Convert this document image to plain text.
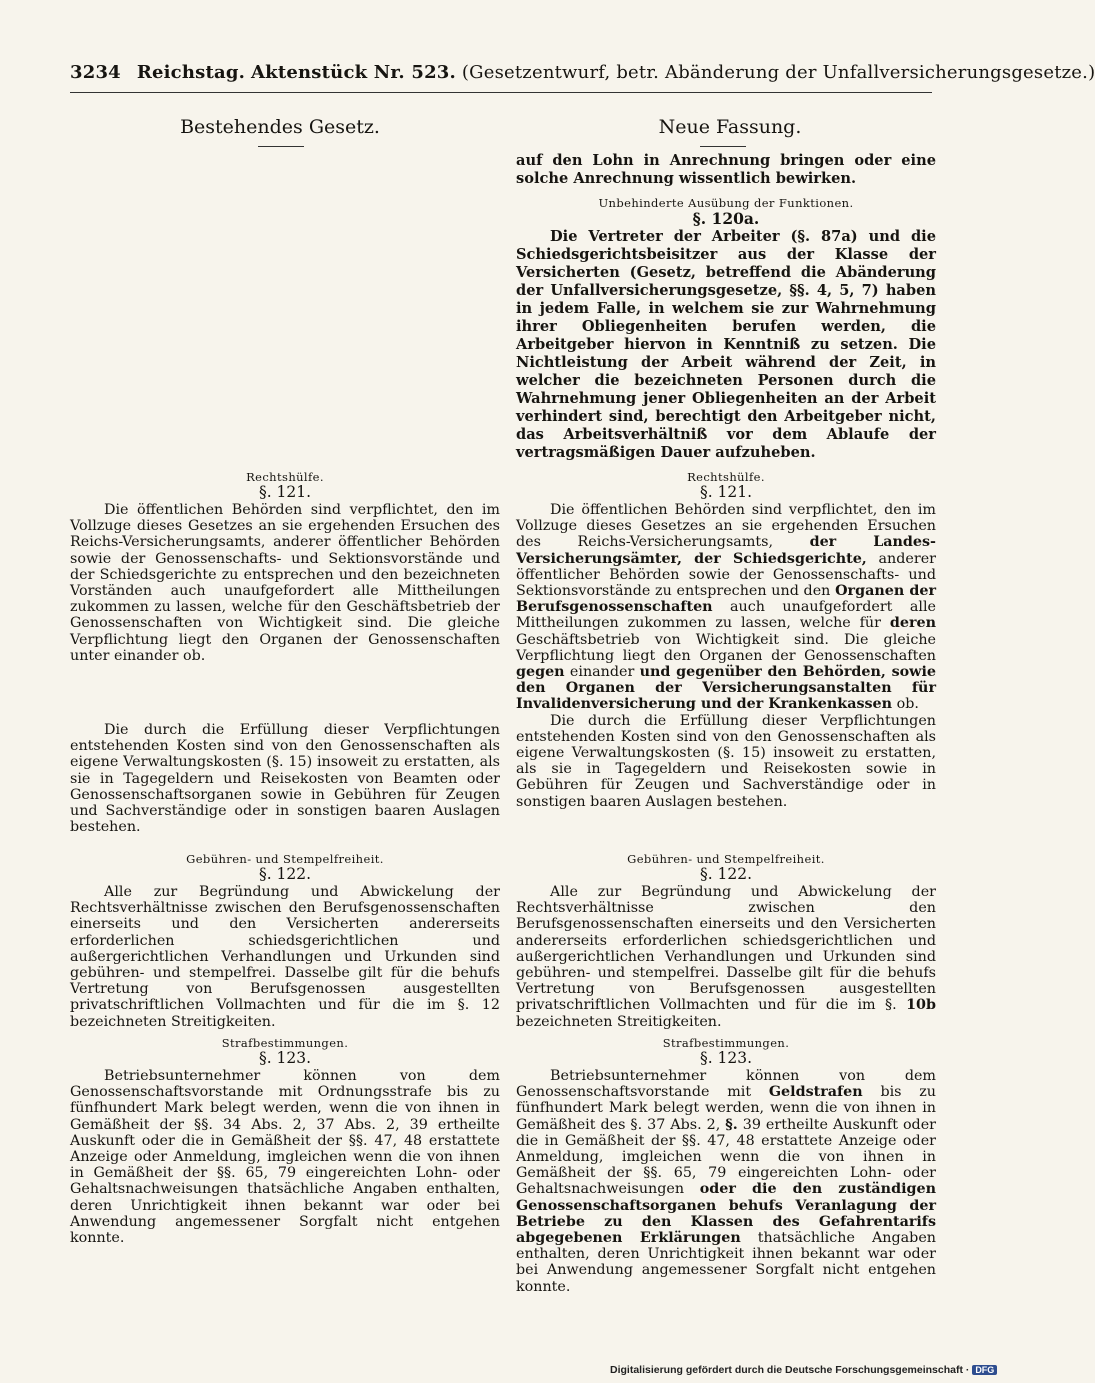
3234 Reichstag. Aktenstück Nr. 523. (Gesetzentwurf, betr. Abänderung der Unfallversicherungsgesetze.)
Bestehendes Gesetz.	Neue Fassung.

auf den Lohn in Anrechnung bringen oder eine solche Anrechnung wissentlich bewirken.

Unbehinderte Ausübung der Funktionen.
§. 120a.

Die Vertreter der Arbeiter (§. 87a) und die Schiedsgerichtsbeisitzer aus der Klasse der Versicherten (Gesetz, betreffend die Abänderung der Unfallversicherungsgesetze, §§. 4, 5, 7) haben in jedem Falle, in welchem sie zur Wahrnehmung ihrer Obliegenheiten berufen werden, die Arbeitgeber hiervon in Kenntniß zu setzen. Die Nichtleistung der Arbeit während der Zeit, in welcher die bezeichneten Personen durch die Wahrnehmung jener Obliegenheiten an der Arbeit verhindert sind, berechtigt den Arbeitgeber nicht, das Arbeitsverhältniß vor dem Ablaufe der vertragsmäßigen Dauer aufzuheben.

Rechtshülfe.
§. 121.

Die öffentlichen Behörden sind verpflichtet, den im Vollzuge dieses Gesetzes an sie ergehenden Ersuchen des Reichs-Versicherungsamts, anderer öffentlicher Behörden sowie der Genossenschafts- und Sektionsvorstände und der Schiedsgerichte zu entsprechen und den bezeichneten Vorständen auch unaufgefordert alle Mittheilungen zukommen zu lassen, welche für den Geschäftsbetrieb der Genossenschaften von Wichtigkeit sind. Die gleiche Verpflichtung liegt den Organen der Genossenschaften unter einander ob.

Die durch die Erfüllung dieser Verpflichtungen entstehenden Kosten sind von den Genossenschaften als eigene Verwaltungskosten (§. 15) insoweit zu erstatten, als sie in Tagegeldern und Reisekosten von Beamten oder Genossenschaftsorganen sowie in Gebühren für Zeugen und Sachverständige oder in sonstigen baaren Auslagen bestehen.

Rechtshülfe.
§. 121.

Die öffentlichen Behörden sind verpflichtet, den im Vollzuge dieses Gesetzes an sie ergehenden Ersuchen des Reichs-Versicherungsamts,	der Landes-Versicherungsämter, der Schiedsgerichte, anderer öffentlicher Behörden sowie der Genossenschafts- und Sektionsvorstände zu entsprechen und den Organen der Berufsgenossenschaften auch unaufgefordert alle Mittheilungen zukommen zu lassen, welche für deren Geschäftsbetrieb von Wichtigkeit sind. Die gleiche Verpflichtung liegt den Organen der Genossenschaften gegen einander und gegenüber den Behörden, sowie den Organen der Versicherungsanstalten für Invalidenversicherung und der Krankenkassen ob.

Die durch die Erfüllung dieser Verpflichtungen entstehenden Kosten sind von den Genossenschaften als eigene Verwaltungskosten (§. 15) insoweit zu erstatten, als sie in Tagegeldern und Reisekosten sowie in Gebühren für Zeugen und Sachverständige oder in sonstigen baaren Auslagen bestehen.

Gebühren- und Stempelfreiheit.
§. 122.

Alle zur Begründung und Abwickelung der Rechtsverhältnisse zwischen den Berufsgenossenschaften einerseits und den Versicherten andererseits erforderlichen schiedsgerichtlichen und außergerichtlichen Verhandlungen und Urkunden sind gebühren- und stempelfrei. Dasselbe gilt für die behufs Vertretung von Berufsgenossen ausgestellten privatschriftlichen Vollmachten und für die im §. 12 bezeichneten Streitigkeiten.

Gebühren- und Stempelfreiheit.
§. 122.

Alle zur Begründung und Abwickelung der Rechtsverhältnisse zwischen den Berufsgenossenschaften einerseits und den Versicherten andererseits erforderlichen schiedsgerichtlichen und außergerichtlichen Verhandlungen und Urkunden sind gebühren- und stempelfrei. Dasselbe gilt für die behufs Vertretung von Berufsgenossen ausgestellten privatschriftlichen Vollmachten und für die im §. 10b bezeichneten Streitigkeiten.

Strafbestimmungen.
§. 123.

Betriebsunternehmer können von dem Genossenschaftsvorstande mit Ordnungsstrafe bis zu fünfhundert Mark belegt werden, wenn die von ihnen in Gemäßheit der §§. 34 Abs. 2, 37 Abs. 2, 39 ertheilte Auskunft oder die in Gemäßheit der §§. 47, 48 erstattete Anzeige oder Anmeldung, imgleichen wenn die von ihnen in Gemäßheit der §§. 65, 79 eingereichten Lohn- oder Gehaltsnachweisungen thatsächliche Angaben enthalten, deren Unrichtigkeit ihnen bekannt war oder bei Anwendung angemessener Sorgfalt nicht entgehen konnte.

Strafbestimmungen.
§. 123.

Betriebsunternehmer können von dem Genossenschaftsvorstande mit Geldstrafen bis zu fünfhundert Mark belegt werden, wenn die von ihnen in Gemäßheit des §. 37 Abs. 2, §. 39 ertheilte Auskunft oder die in Gemäßheit der §§. 47, 48 erstattete Anzeige oder Anmeldung, imgleichen wenn die von ihnen in Gemäßheit der §§. 65, 79 eingereichten Lohn- oder Gehaltsnachweisungen oder die den zuständigen Genossenschaftsorganen behufs Veranlagung der Betriebe zu den Klassen des Gefahrentarifs abgegebenen Erklärungen thatsächliche Angaben enthalten, deren Unrichtigkeit ihnen bekannt war oder bei Anwendung angemessener Sorgfalt nicht entgehen konnte.

Digitalisierung gefördert durch die Deutsche Forschungsgemeinschaft · DFG
